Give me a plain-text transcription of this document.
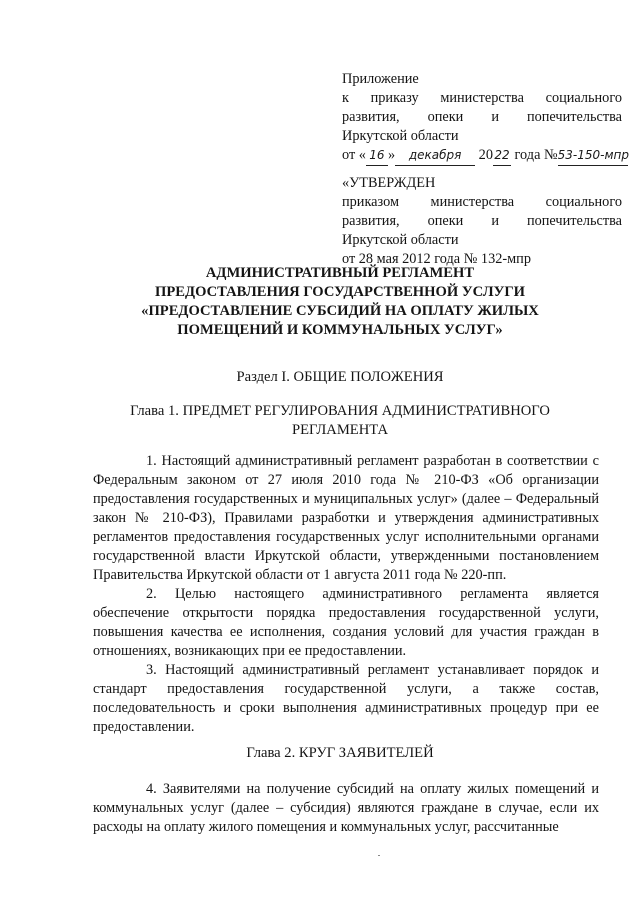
Приложение
к приказу министерства социального
развития, опеки и попечительства
Иркутской области
от « 16 » декабря 2022 года №53-150-мпр
«УТВЕРЖДЕН
приказом министерства социального
развития, опеки и попечительства
Иркутской области
от 28 мая 2012 года № 132-мпр
АДМИНИСТРАТИВНЫЙ РЕГЛАМЕНТ
ПРЕДОСТАВЛЕНИЯ ГОСУДАРСТВЕННОЙ УСЛУГИ
«ПРЕДОСТАВЛЕНИЕ СУБСИДИЙ НА ОПЛАТУ ЖИЛЫХ
ПОМЕЩЕНИЙ И КОММУНАЛЬНЫХ УСЛУГ»
Раздел I. ОБЩИЕ ПОЛОЖЕНИЯ
Глава 1. ПРЕДМЕТ РЕГУЛИРОВАНИЯ АДМИНИСТРАТИВНОГО
РЕГЛАМЕНТА

1. Настоящий административный регламент разработан в соответствии с Федеральным законом от 27 июля 2010 года № 210-ФЗ «Об организации предоставления государственных и муниципальных услуг» (далее – Федеральный закон № 210-ФЗ), Правилами разработки и утверждения административных регламентов предоставления государственных услуг исполнительными органами государственной власти Иркутской области, утвержденными постановлением Правительства Иркутской области от 1 августа 2011 года № 220-пп.

2. Целью настоящего административного регламента является обеспечение открытости порядка предоставления государственной услуги, повышения качества ее исполнения, создания условий для участия граждан в отношениях, возникающих при ее предоставлении.

3. Настоящий административный регламент устанавливает порядок и стандарт предоставления государственной услуги, а также состав, последовательность и сроки выполнения административных процедур при ее предоставлении.

Глава 2. КРУГ ЗАЯВИТЕЛЕЙ

4. Заявителями на получение субсидий на оплату жилых помещений и коммунальных услуг (далее – субсидия) являются граждане в случае, если их расходы на оплату жилого помещения и коммунальных услуг, рассчитанные
